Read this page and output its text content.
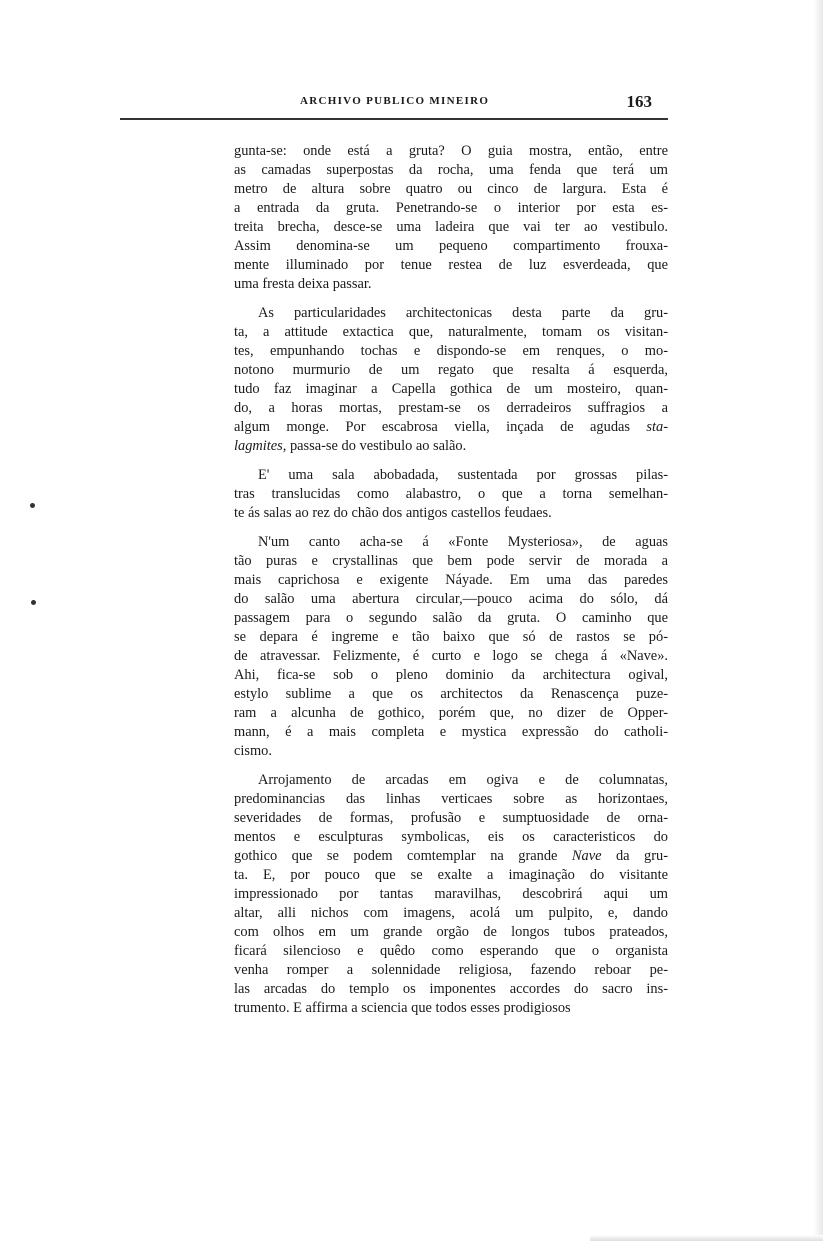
ARCHIVO PUBLICO MINEIRO	163
gunta-se: onde está a gruta? O guia mostra, então, entre
as camadas superpostas da rocha, uma fenda que terá um
metro de altura sobre quatro ou cinco de largura. Esta é
a entrada da gruta. Penetrando-se o interior por esta es-
treita brecha, desce-se uma ladeira que vai ter ao vestibulo.
Assim denomina-se um pequeno compartimento frouxa-
mente illuminado por tenue restea de luz esverdeada, que
uma fresta deixa passar.
As particularidades architectonicas desta parte da gru-
ta, a attitude extactica que, naturalmente, tomam os visitan-
tes, empunhando tochas e dispondo-se em renques, o mo-
notono murmurio de um regato que resalta á esquerda,
tudo faz imaginar a Capella gothica de um mosteiro, quan-
do, a horas mortas, prestam-se os derradeiros suffragios a
algum monge. Por escabrosa viella, inçada de agudas sta-
lagmites, passa-se do vestibulo ao salão.
E' uma sala abobadada, sustentada por grossas pilas-
tras translucidas como alabastro, o que a torna semelhan-
te ás salas ao rez do chão dos antigos castellos feudaes.
N'um canto acha-se á «Fonte Mysteriosa», de aguas
tão puras e crystallinas que bem pode servir de morada a
mais caprichosa e exigente Náyade. Em uma das paredes
do salão uma abertura circular,—pouco acima do sólo, dá
passagem para o segundo salão da gruta. O caminho que
se depara é ingreme e tão baixo que só de rastos se pó-
de atravessar. Felizmente, é curto e logo se chega á «Nave».
Ahi, fica-se sob o pleno dominio da architectura ogival,
estylo sublime a que os architectos da Renascença puze-
ram a alcunha de gothico, porém que, no dizer de Opper-
mann, é a mais completa e mystica expressão do catholi-
cismo.
Arrojamento de arcadas em ogiva e de columnatas,
predominancias das linhas verticaes sobre as horizontaes,
severidades de formas, profusão e sumptuosidade de orna-
mentos e esculpturas symbolicas, eis os caracteristicos do
gothico que se podem comtemplar na grande Nave da gru-
ta. E, por pouco que se exalte a imaginação do visitante
impressionado por tantas maravilhas, descobrirá aqui um
altar, alli nichos com imagens, acolá um pulpito, e, dando
com olhos em um grande orgão de longos tubos prateados,
ficará silencioso e quêdo como esperando que o organista
venha romper a solennidade religiosa, fazendo reboar pe-
las arcadas do templo os imponentes accordes do sacro ins-
trumento. E affirma a sciencia que todos esses prodigiosos
